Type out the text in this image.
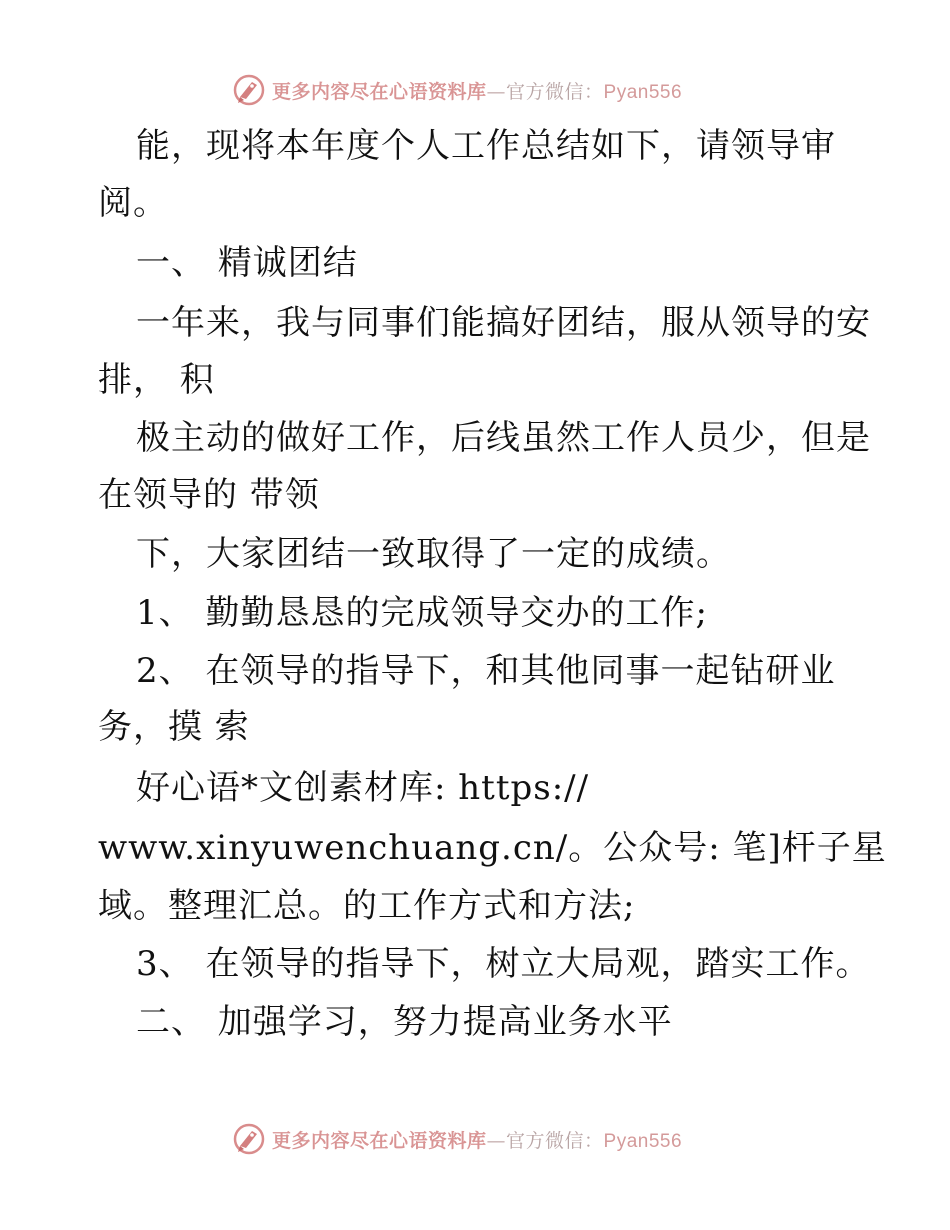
更多内容尽在心语资料库—官方微信：Pyan556
能，现将本年度个人工作总结如下，请领导审
阅。
一、 精诚团结
一年来，我与同事们能搞好团结，服从领导的安
排， 积
极主动的做好工作，后线虽然工作人员少，但是
在领导的 带领
下，大家团结一致取得了一定的成绩。
1、 勤勤恳恳的完成领导交办的工作;
2、 在领导的指导下，和其他同事一起钻研业
务，摸 索
好心语*文创素材库: https://
www.xinyuwenchuang.cn/。公众号: 笔]杆子星
域。整理汇总。的工作方式和方法;
3、 在领导的指导下，树立大局观，踏实工作。
二、 加强学习，努力提高业务水平
更多内容尽在心语资料库—官方微信：Pyan556
